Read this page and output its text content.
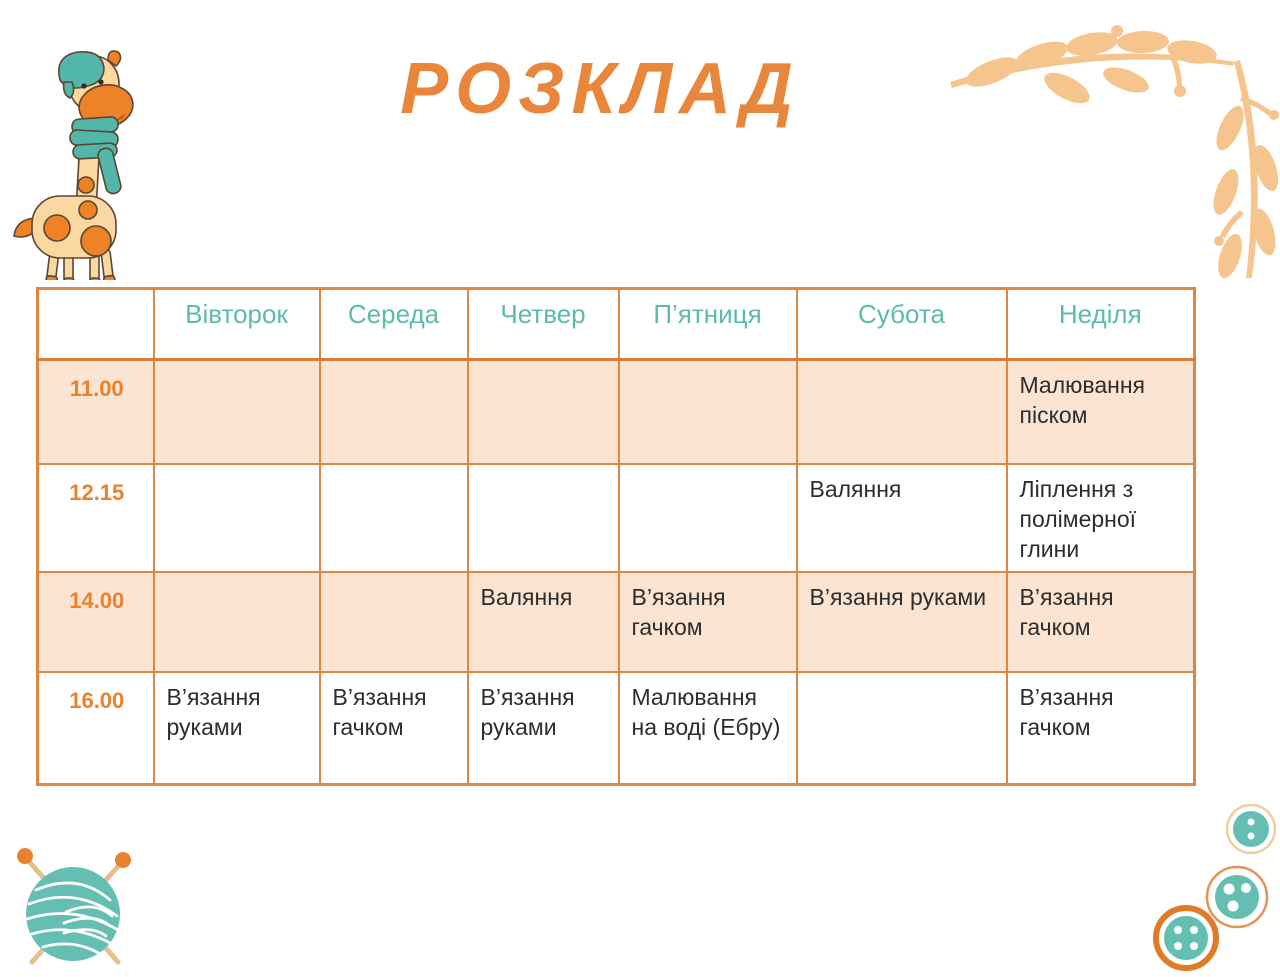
РОЗКЛАД
	Вівторок	Середа	Четвер	П’ятниця	Субота	Неділя
11.00						Малювання піском
12.15					Валяння	Ліплення з полімерної глини
14.00			Валяння	В’язання гачком	В’язання руками	В’язання гачком
16.00	В’язання руками	В’язання гачком	В’язання руками	Малювання на воді (Ебру)		В’язання гачком
